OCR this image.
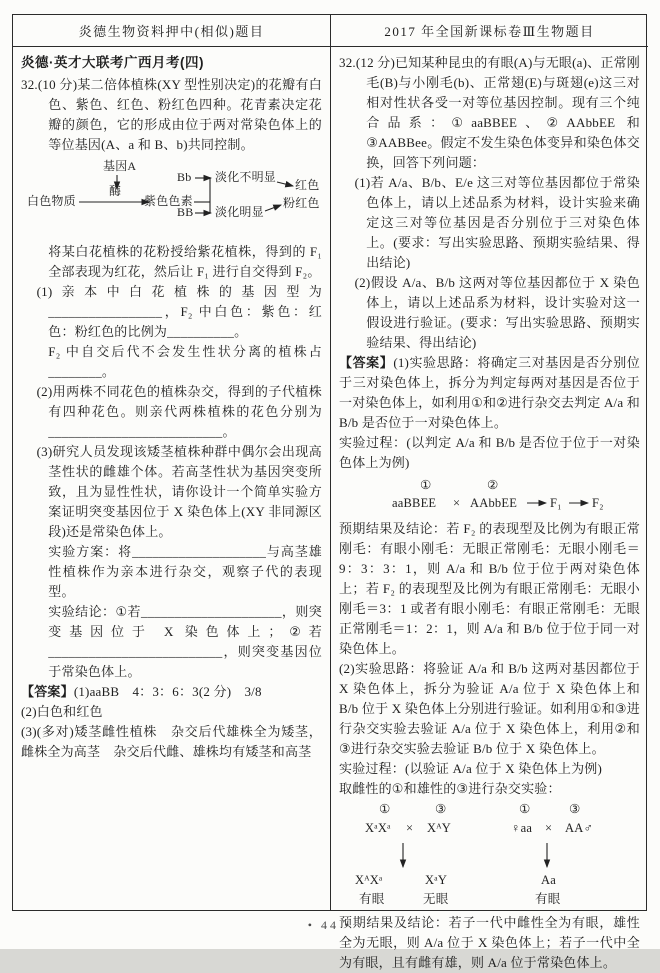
炎德生物资料押中(相似)题目	2017 年全国新课标卷Ⅲ生物题目

炎德·英才大联考广西月考(四)

32.(10 分)某二倍体植株(XY 型性别决定)的花瓣有白色、紫色、红色、粉红色四种。花青素决定花瓣的颜色，它的形成由位于两对常染色体上的等位基因(A、a 和 B、b)共同控制。

基因A
白色物质
酶
紫色色素
Bb 淡化不明显
红色
BB 淡化明显
粉红色

将某白花植株的花粉授给紫花植株，得到的 F₁ 全部表现为红花，然后让 F₁ 进行自交得到 F₂。

(1)亲本中白花植株的基因型为_________________，F₂ 中白色：紫色：红色：粉红色的比例为__________。

F₂ 中自交后代不会发生性状分离的植株占________。

(2)用两株不同花色的植株杂交，得到的子代植株有四种花色。则亲代两株植株的花色分别为__________________________。

(3)研究人员发现该矮茎植株种群中偶尔会出现高茎性状的雌雄个体。若高茎性状为基因突变所致，且为显性性状，请你设计一个简单实验方案证明突变基因位于 X 染色体上(XY 非同源区段)还是常染色体上。

实验方案：将____________________与高茎雄性植株作为亲本进行杂交，观察子代的表现型。

实验结论：①若_____________________，则突变基因位于 X 染色体上；②若__________________________，则突变基因位于常染色体上。

【答案】(1)aaBB　4：3：6：3(2 分)　3/8

(2)白色和红色

(3)(多对)矮茎雌性植株　杂交后代雄株全为矮茎，雌株全为高茎　杂交后代雌、雄株均有矮茎和高茎

32.(12 分)已知某种昆虫的有眼(A)与无眼(a)、正常刚毛(B)与小刚毛(b)、正常翅(E)与斑翅(e)这三对相对性状各受一对等位基因控制。现有三个纯合品系：①aaBBEE、②AAbbEE 和③AABBee。假定不发生染色体变异和染色体交换，回答下列问题：

(1)若 A/a、B/b、E/e 这三对等位基因都位于常染色体上，请以上述品系为材料，设计实验来确定这三对等位基因是否分别位于三对染色体上。(要求：写出实验思路、预期实验结果、得出结论)

(2)假设 A/a、B/b 这两对等位基因都位于 X 染色体上，请以上述品系为材料，设计实验对这一假设进行验证。(要求：写出实验思路、预期实验结果、得出结论)

【答案】(1)实验思路：将确定三对基因是否分别位于三对染色体上，拆分为判定每两对基因是否位于一对染色体上，如利用①和②进行杂交去判定 A/a 和 B/b 是否位于一对染色体上。

实验过程：(以判定 A/a 和 B/b 是否位于位于一对染色体上为例)

①	②
aaBBEE × AAbbEE	F₁ F₂

预期结果及结论：若 F₂ 的表现型及比例为有眼正常刚毛：有眼小刚毛：无眼正常刚毛：无眼小刚毛＝9：3：3：1，则 A/a 和 B/b 位于位于两对染色体上；若 F₂ 的表现型及比例为有眼正常刚毛：无眼小刚毛＝3：1 或者有眼小刚毛：有眼正常刚毛：无眼正常刚毛＝1：2：1，则 A/a 和 B/b 位于位于同一对染色体上。

(2)实验思路：将验证 A/a 和 B/b 这两对基因都位于 X 染色体上，拆分为验证 A/a 位于 X 染色体上和 B/b 位于 X 染色体上分别进行验证。如利用①和③进行杂交实验去验证 A/a 位于 X 染色体上，利用②和③进行杂交实验去验证 B/b 位于 X 染色体上。

实验过程：(以验证 A/a 位于 X 染色体上为例)

取雌性的①和雄性的③进行杂交实验：

①	③
XᵃXᵃ × XᴬY
XᴬXᵃ	XᵃY
有眼	无眼
①	③
♀aa × AA♂
Aa
有眼

预期结果及结论：若子一代中雌性全为有眼，雄性全为无眼，则 A/a 位于 X 染色体上；若子一代中全为有眼，且有雌有雄，则 A/a 位于常染色体上。

• 44 •
